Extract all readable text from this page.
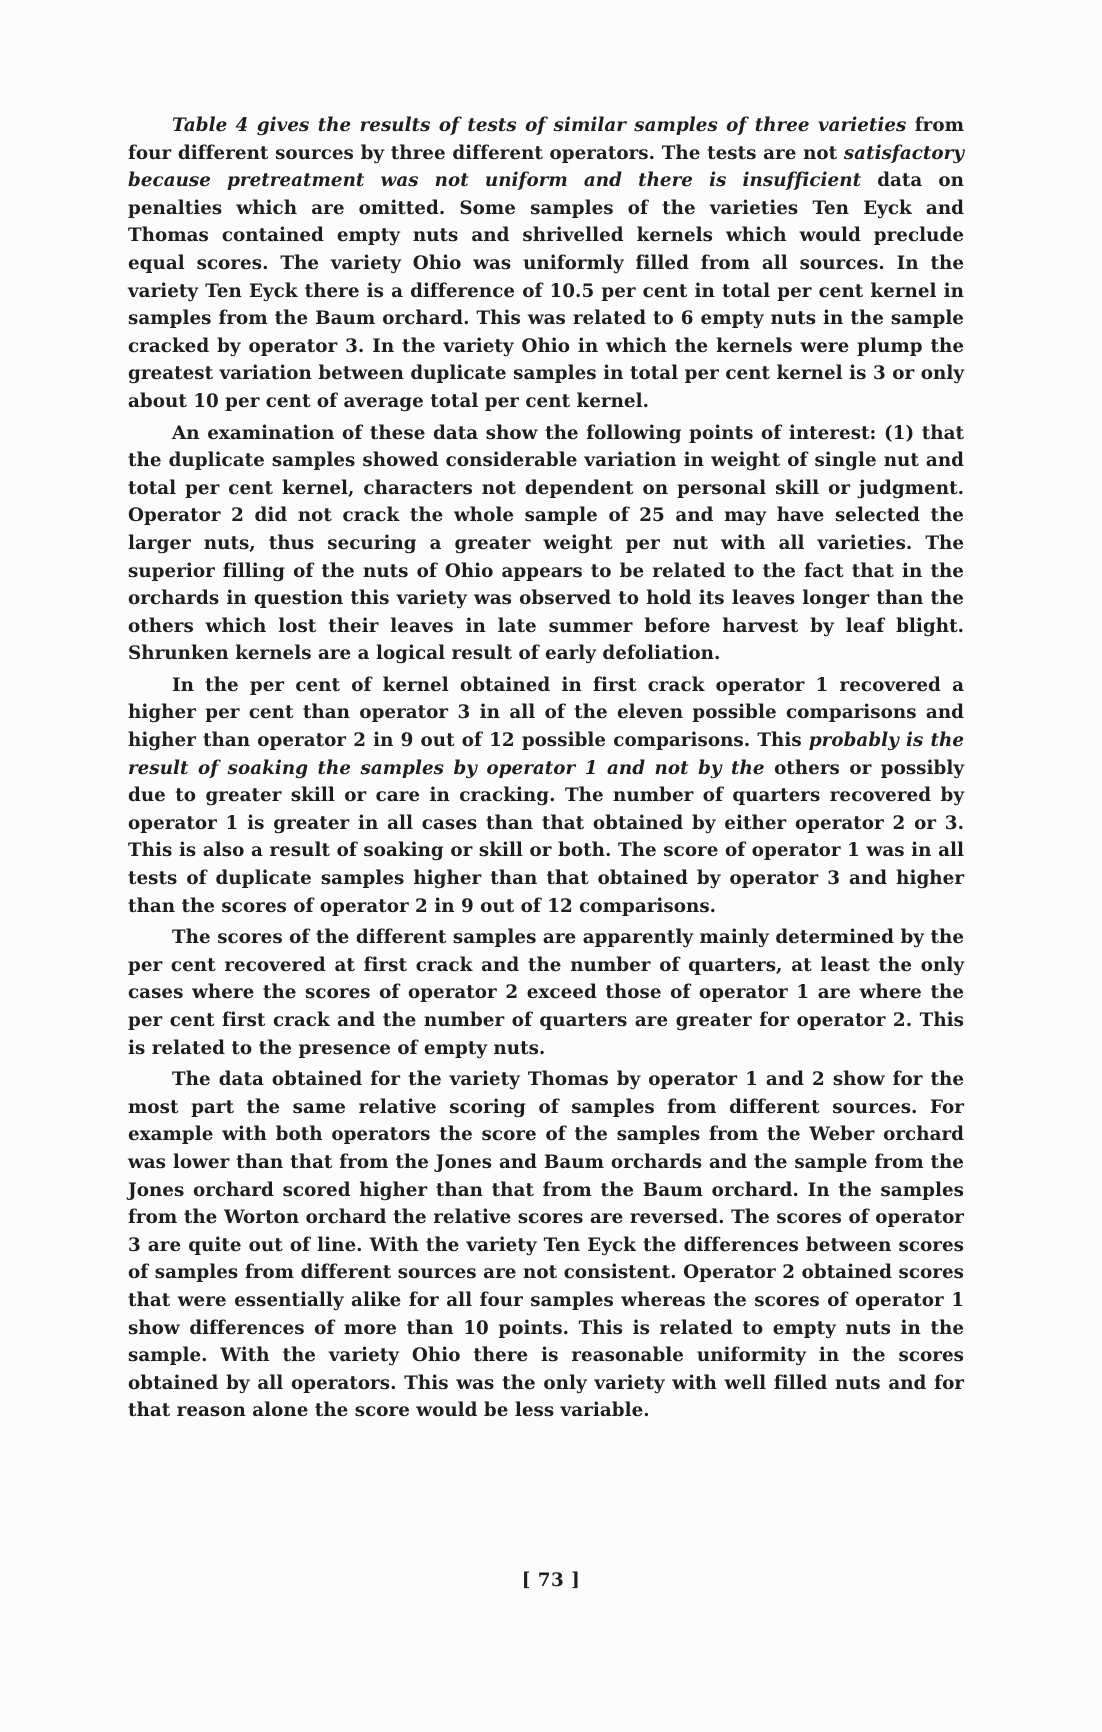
Table 4 gives the results of tests of similar samples of three varieties from four different sources by three different operators. The tests are not satisfactory because pretreatment was not uniform and there is insufficient data on penalties which are omitted. Some samples of the varieties Ten Eyck and Thomas contained empty nuts and shrivelled kernels which would preclude equal scores. The variety Ohio was uniformly filled from all sources. In the variety Ten Eyck there is a difference of 10.5 per cent in total per cent kernel in samples from the Baum orchard. This was related to 6 empty nuts in the sample cracked by operator 3. In the variety Ohio in which the kernels were plump the greatest variation between duplicate samples in total per cent kernel is 3 or only about 10 per cent of average total per cent kernel.

An examination of these data show the following points of interest: (1) that the duplicate samples showed considerable variation in weight of single nut and total per cent kernel, characters not dependent on personal skill or judgment. Operator 2 did not crack the whole sample of 25 and may have selected the larger nuts, thus securing a greater weight per nut with all varieties. The superior filling of the nuts of Ohio appears to be related to the fact that in the orchards in question this variety was observed to hold its leaves longer than the others which lost their leaves in late summer before harvest by leaf blight. Shrunken kernels are a logical result of early defoliation.

In the per cent of kernel obtained in first crack operator 1 recovered a higher per cent than operator 3 in all of the eleven possible comparisons and higher than operator 2 in 9 out of 12 possible comparisons. This probably is the result of soaking the samples by operator 1 and not by the others or possibly due to greater skill or care in cracking. The number of quarters recovered by operator 1 is greater in all cases than that obtained by either operator 2 or 3. This is also a result of soaking or skill or both. The score of operator 1 was in all tests of duplicate samples higher than that obtained by operator 3 and higher than the scores of operator 2 in 9 out of 12 comparisons.

The scores of the different samples are apparently mainly determined by the per cent recovered at first crack and the number of quarters, at least the only cases where the scores of operator 2 exceed those of operator 1 are where the per cent first crack and the number of quarters are greater for operator 2. This is related to the presence of empty nuts.

The data obtained for the variety Thomas by operator 1 and 2 show for the most part the same relative scoring of samples from different sources. For example with both operators the score of the samples from the Weber orchard was lower than that from the Jones and Baum orchards and the sample from the Jones orchard scored higher than that from the Baum orchard. In the samples from the Worton orchard the relative scores are reversed. The scores of operator 3 are quite out of line. With the variety Ten Eyck the differences between scores of samples from different sources are not consistent. Operator 2 obtained scores that were essentially alike for all four samples whereas the scores of operator 1 show differences of more than 10 points. This is related to empty nuts in the sample. With the variety Ohio there is reasonable uniformity in the scores obtained by all operators. This was the only variety with well filled nuts and for that reason alone the score would be less variable.

[ 73 ]
